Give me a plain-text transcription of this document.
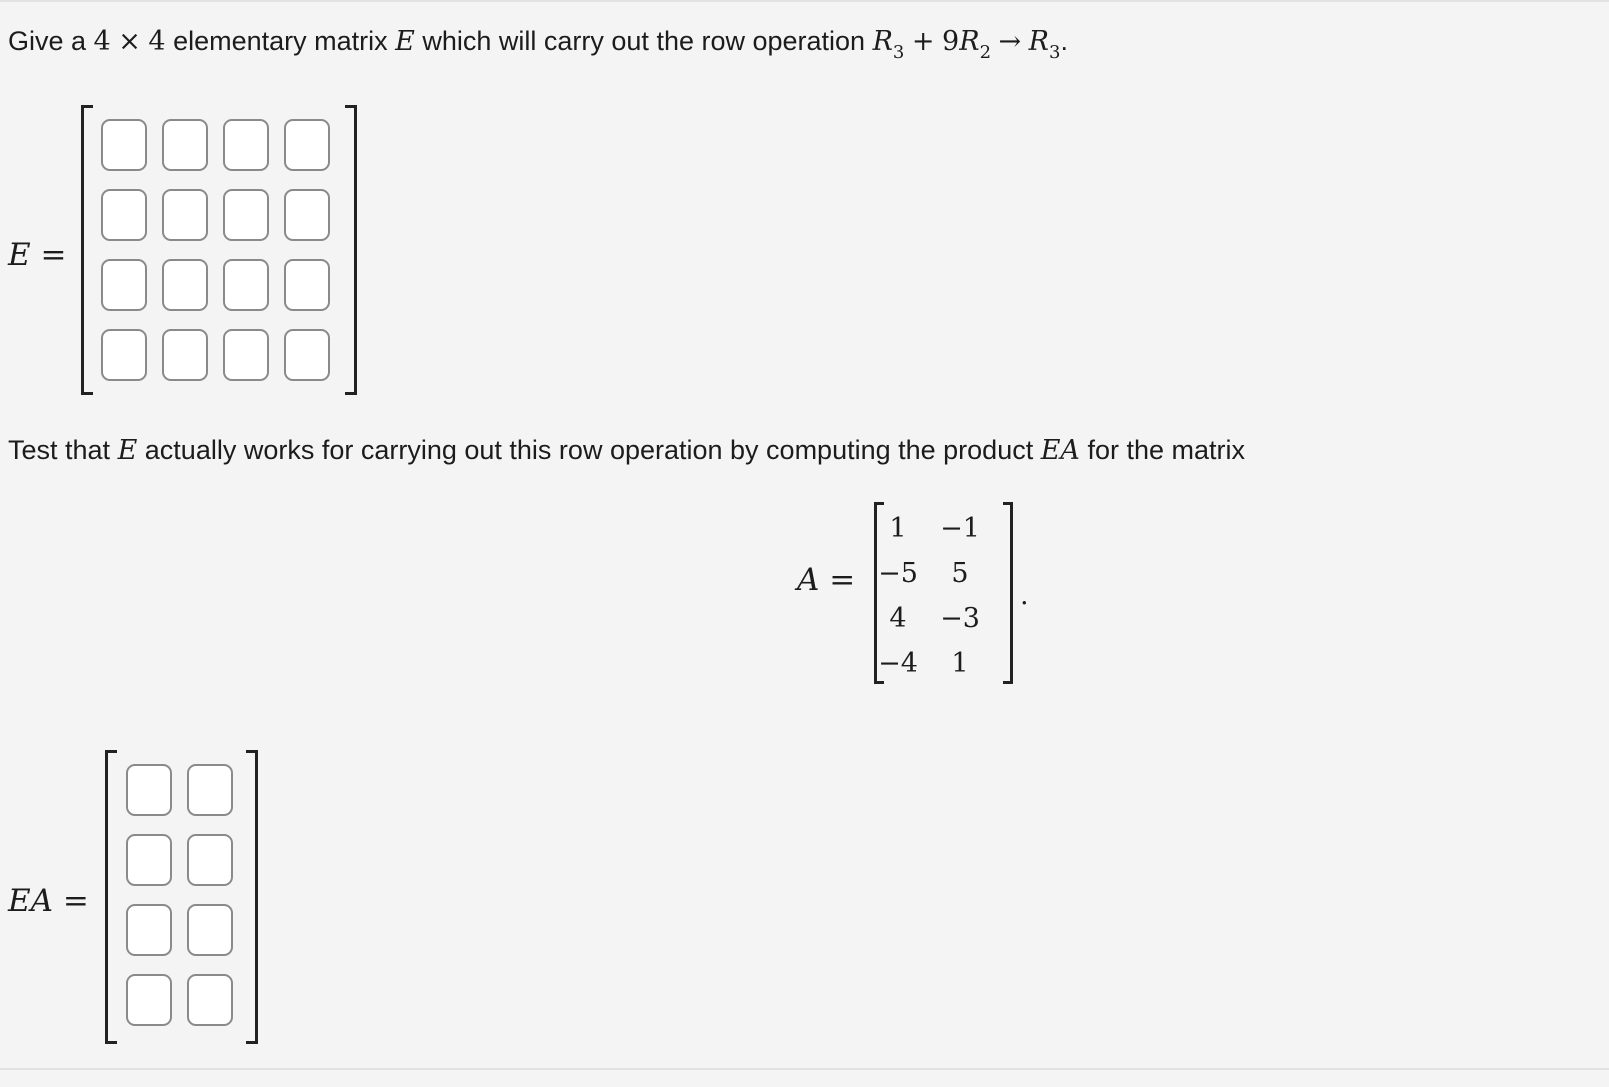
Give a 4 × 4 elementary matrix E which will carry out the row operation $R_3 + 9R_2 \to R_3$.
E =
Test that E actually works for carrying out this row operation by computing the product EA for the matrix
A =
1	−1
−5	5
4	−3
−4	1
.
EA =
